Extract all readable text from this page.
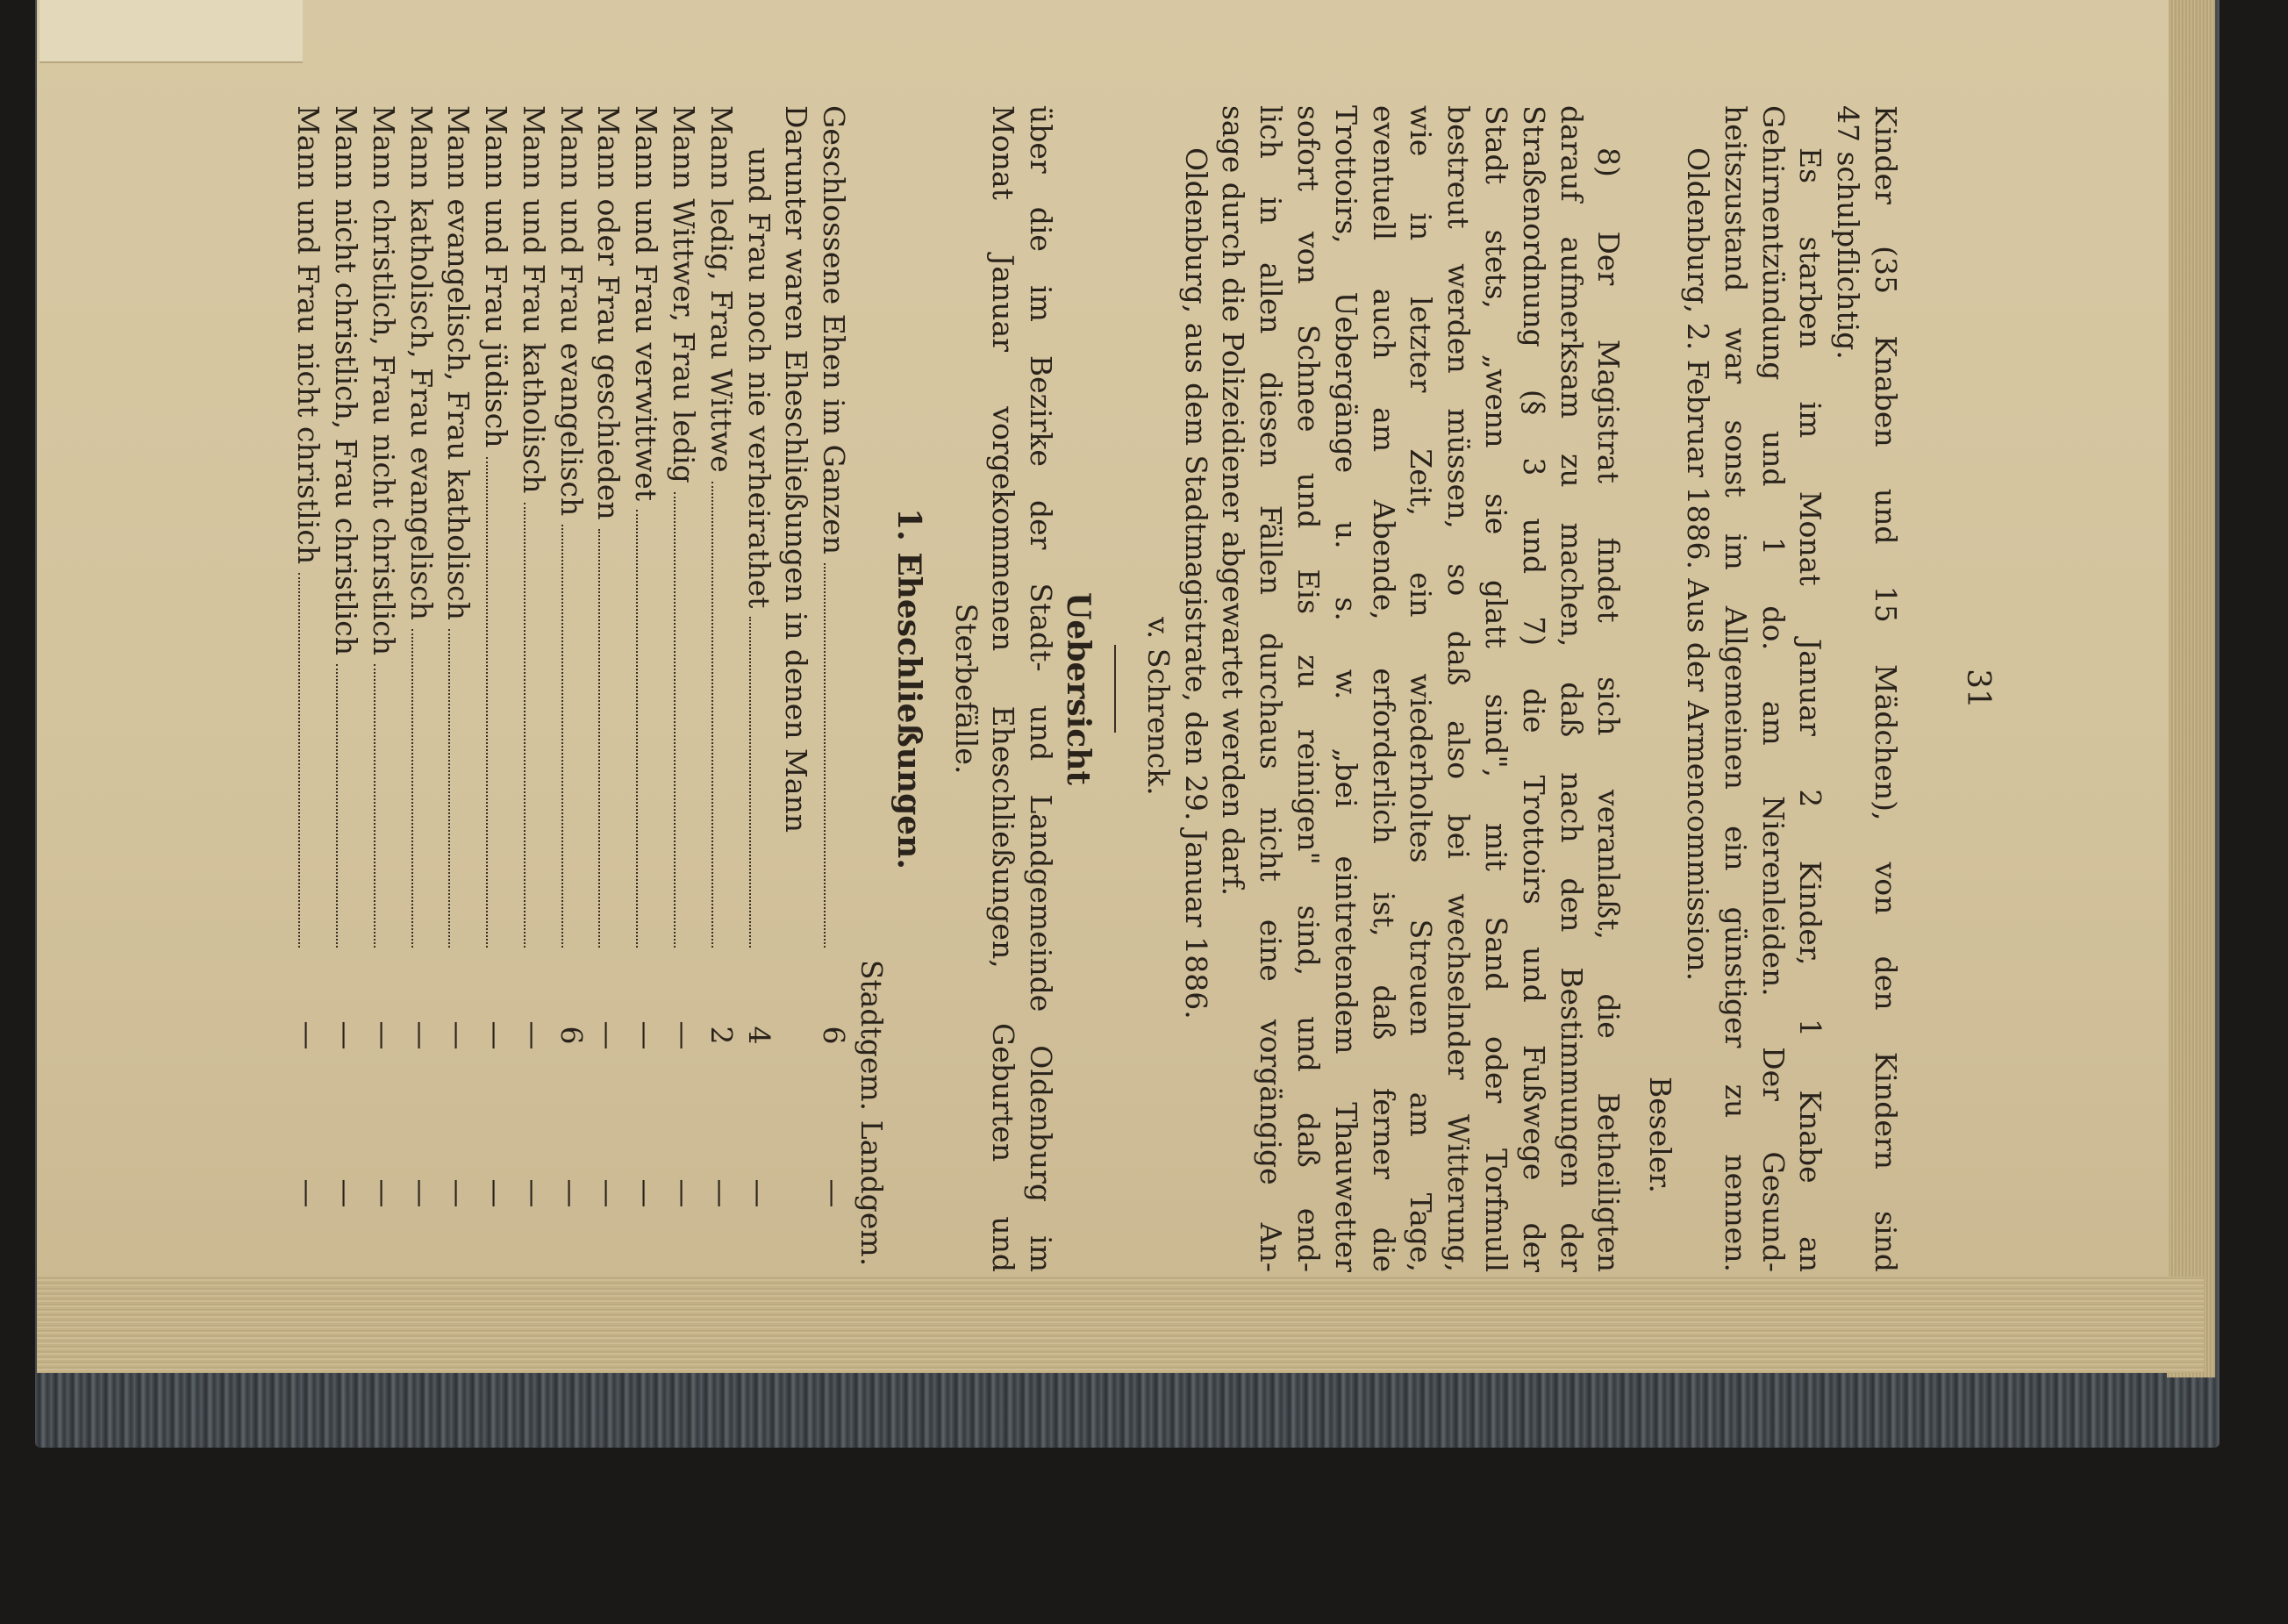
31
Kinder (35 Knaben und 15 Mädchen), von den Kindern sind
47 schulpflichtig.
Es starben im Monat Januar 2 Kinder, 1 Knabe an
Gehirnentzündung und 1 do. am Nierenleiden. Der Gesund-
heitszustand war sonst im Allgemeinen ein günstiger zu nennen.
Oldenburg, 2. Februar 1886. Aus der Armencommission.
Beseler.
8) Der Magistrat findet sich veranlaßt, die Betheiligten
darauf aufmerksam zu machen, daß nach den Bestimmungen der
Straßenordnung (§ 3 und 7) die Trottoirs und Fußwege der
Stadt stets, „wenn sie glatt sind", mit Sand oder Torfmull
bestreut werden müssen, so daß also bei wechselnder Witterung,
wie in letzter Zeit, ein wiederholtes Streuen am Tage,
eventuell auch am Abende, erforderlich ist, daß ferner die
Trottoirs, Uebergänge u. s. w. „bei eintretendem Thauwetter
sofort von Schnee und Eis zu reinigen" sind, und daß end-
lich in allen diesen Fällen durchaus nicht eine vorgängige An-
sage durch die Polizeidiener abgewartet werden darf.
Oldenburg, aus dem Stadtmagistrate, den 29. Januar 1886.
v. Schrenck.
Uebersicht
über die im Bezirke der Stadt- und Landgemeinde Oldenburg im
Monat Januar vorgekommenen Eheschließungen, Geburten und
Sterbefälle.
1. Eheschließungen.
Stadtgem.
Landgem.
Geschlossene Ehen im Ganzen
6
—
Darunter waren Eheschließungen in denen Mann
und Frau noch nie verheirathet
4
—
Mann ledig, Frau Wittwe
2
—
Mann Wittwer, Frau ledig
—
—
Mann und Frau verwittwet
—
—
Mann oder Frau geschieden
—
—
Mann und Frau evangelisch
6
—
Mann und Frau katholisch
—
—
Mann und Frau jüdisch
—
—
Mann evangelisch, Frau katholisch
—
—
Mann katholisch, Frau evangelisch
—
—
Mann christlich, Frau nicht christlich
—
—
Mann nicht christlich, Frau christlich
—
—
Mann und Frau nicht christlich
—
—
